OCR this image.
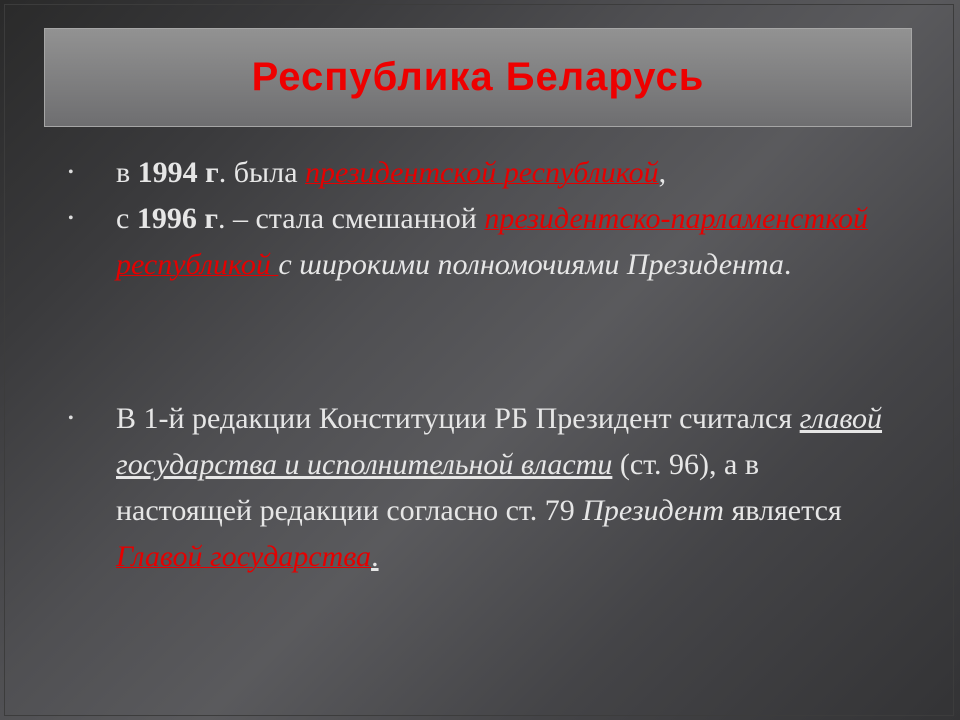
Республика Беларусь
•	в 1994 г. была президентской республикой,
•	с 1996 г. – стала смешанной президентско-парламенсткой республикой с широкими полномочиями Президента.
•	В 1-й редакции Конституции РБ Президент считался главой государства и исполнительной власти (ст. 96), а в настоящей редакции согласно ст. 79 Президент является Главой государства.
